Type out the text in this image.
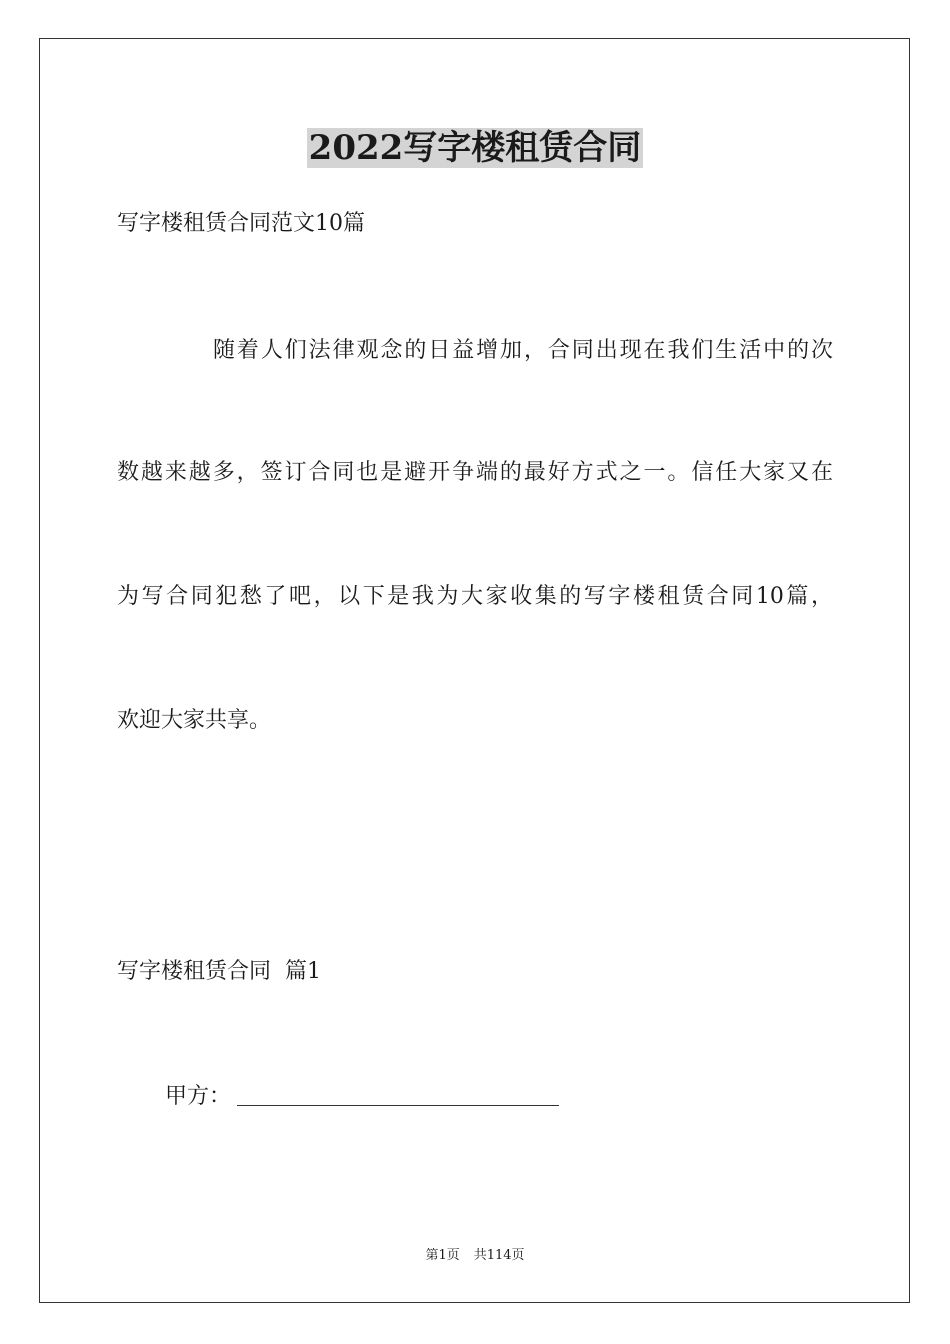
2022写字楼租赁合同
写字楼租赁合同范文10篇
随着人们法律观念的日益增加，合同出现在我们生活中的次
数越来越多，签订合同也是避开争端的最好方式之一。信任大家又在
为写合同犯愁了吧，以下是我为大家收集的写字楼租赁合同10篇，
欢迎大家共享。
写字楼租赁合同  篇1
甲方：
第1页 共114页
